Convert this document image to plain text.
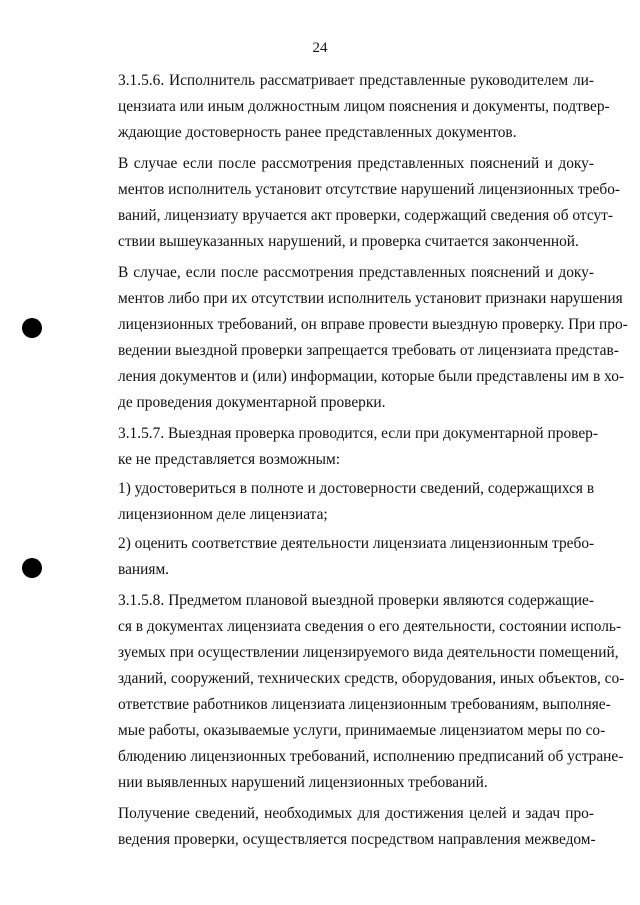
24
3.1.5.6. Исполнитель рассматривает представленные руководителем ли-
цензиата или иным должностным лицом пояснения и документы, подтвер-
ждающие достоверность ранее представленных документов.
В случае если после рассмотрения представленных пояснений и доку-
ментов исполнитель установит отсутствие нарушений лицензионных требо-
ваний, лицензиату вручается акт проверки, содержащий сведения об отсут-
ствии вышеуказанных нарушений, и проверка считается законченной.
В случае, если после рассмотрения представленных пояснений и доку-
ментов либо при их отсутствии исполнитель установит признаки нарушения
лицензионных требований, он вправе провести выездную проверку. При про-
ведении выездной проверки запрещается требовать от лицензиата представ-
ления документов и (или) информации, которые были представлены им в хо-
де проведения документарной проверки.
3.1.5.7. Выездная проверка проводится, если при документарной провер-
ке не представляется возможным:
1) удостовериться в полноте и достоверности сведений, содержащихся в
лицензионном деле лицензиата;
2) оценить соответствие деятельности лицензиата лицензионным требо-
ваниям.
3.1.5.8. Предметом плановой выездной проверки являются содержащие-
ся в документах лицензиата сведения о его деятельности, состоянии исполь-
зуемых при осуществлении лицензируемого вида деятельности помещений,
зданий, сооружений, технических средств, оборудования, иных объектов, со-
ответствие работников лицензиата лицензионным требованиям, выполняе-
мые работы, оказываемые услуги, принимаемые лицензиатом меры по со-
блюдению лицензионных требований, исполнению предписаний об устране-
нии выявленных нарушений лицензионных требований.
Получение сведений, необходимых для достижения целей и задач про-
ведения проверки, осуществляется посредством направления межведом-
